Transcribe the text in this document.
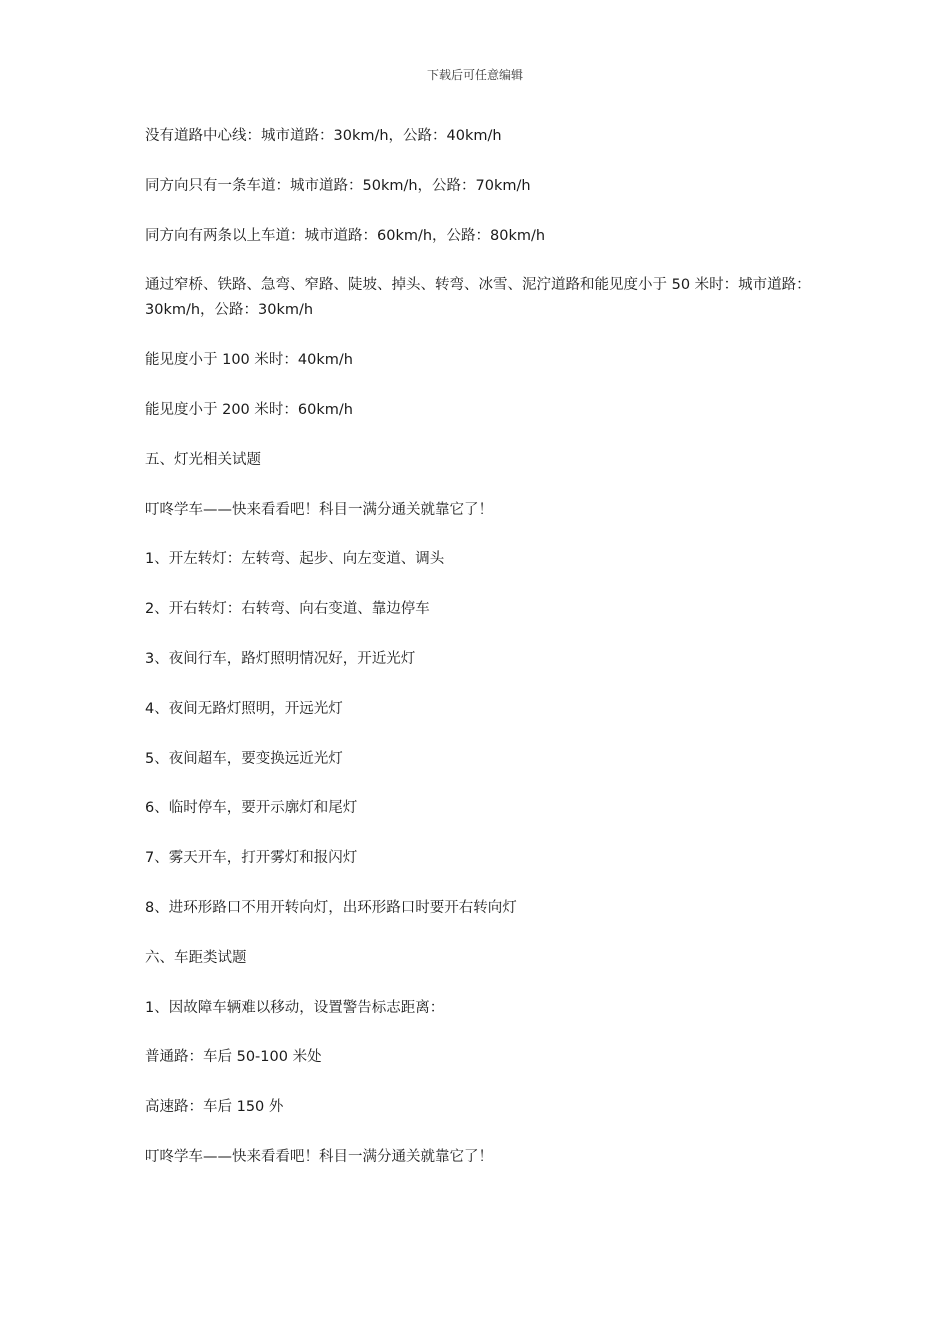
下载后可任意编辑

没有道路中心线：城市道路：30km/h，公路：40km/h

同方向只有一条车道：城市道路：50km/h，公路：70km/h

同方向有两条以上车道：城市道路：60km/h，公路：80km/h

通过窄桥、铁路、急弯、窄路、陡坡、掉头、转弯、冰雪、泥泞道路和能见度小于 50 米时：城市道路：30km/h，公路：30km/h

能见度小于 100 米时：40km/h

能见度小于 200 米时：60km/h

五、灯光相关试题

叮咚学车——快来看看吧！科目一满分通关就靠它了！

1、开左转灯：左转弯、起步、向左变道、调头

2、开右转灯：右转弯、向右变道、靠边停车

3、夜间行车，路灯照明情况好，开近光灯

4、夜间无路灯照明，开远光灯

5、夜间超车，要变换远近光灯

6、临时停车，要开示廓灯和尾灯

7、雾天开车，打开雾灯和报闪灯

8、进环形路口不用开转向灯，出环形路口时要开右转向灯

六、车距类试题

1、因故障车辆难以移动，设置警告标志距离：

普通路：车后 50-100 米处

高速路：车后 150 外

叮咚学车——快来看看吧！科目一满分通关就靠它了！
